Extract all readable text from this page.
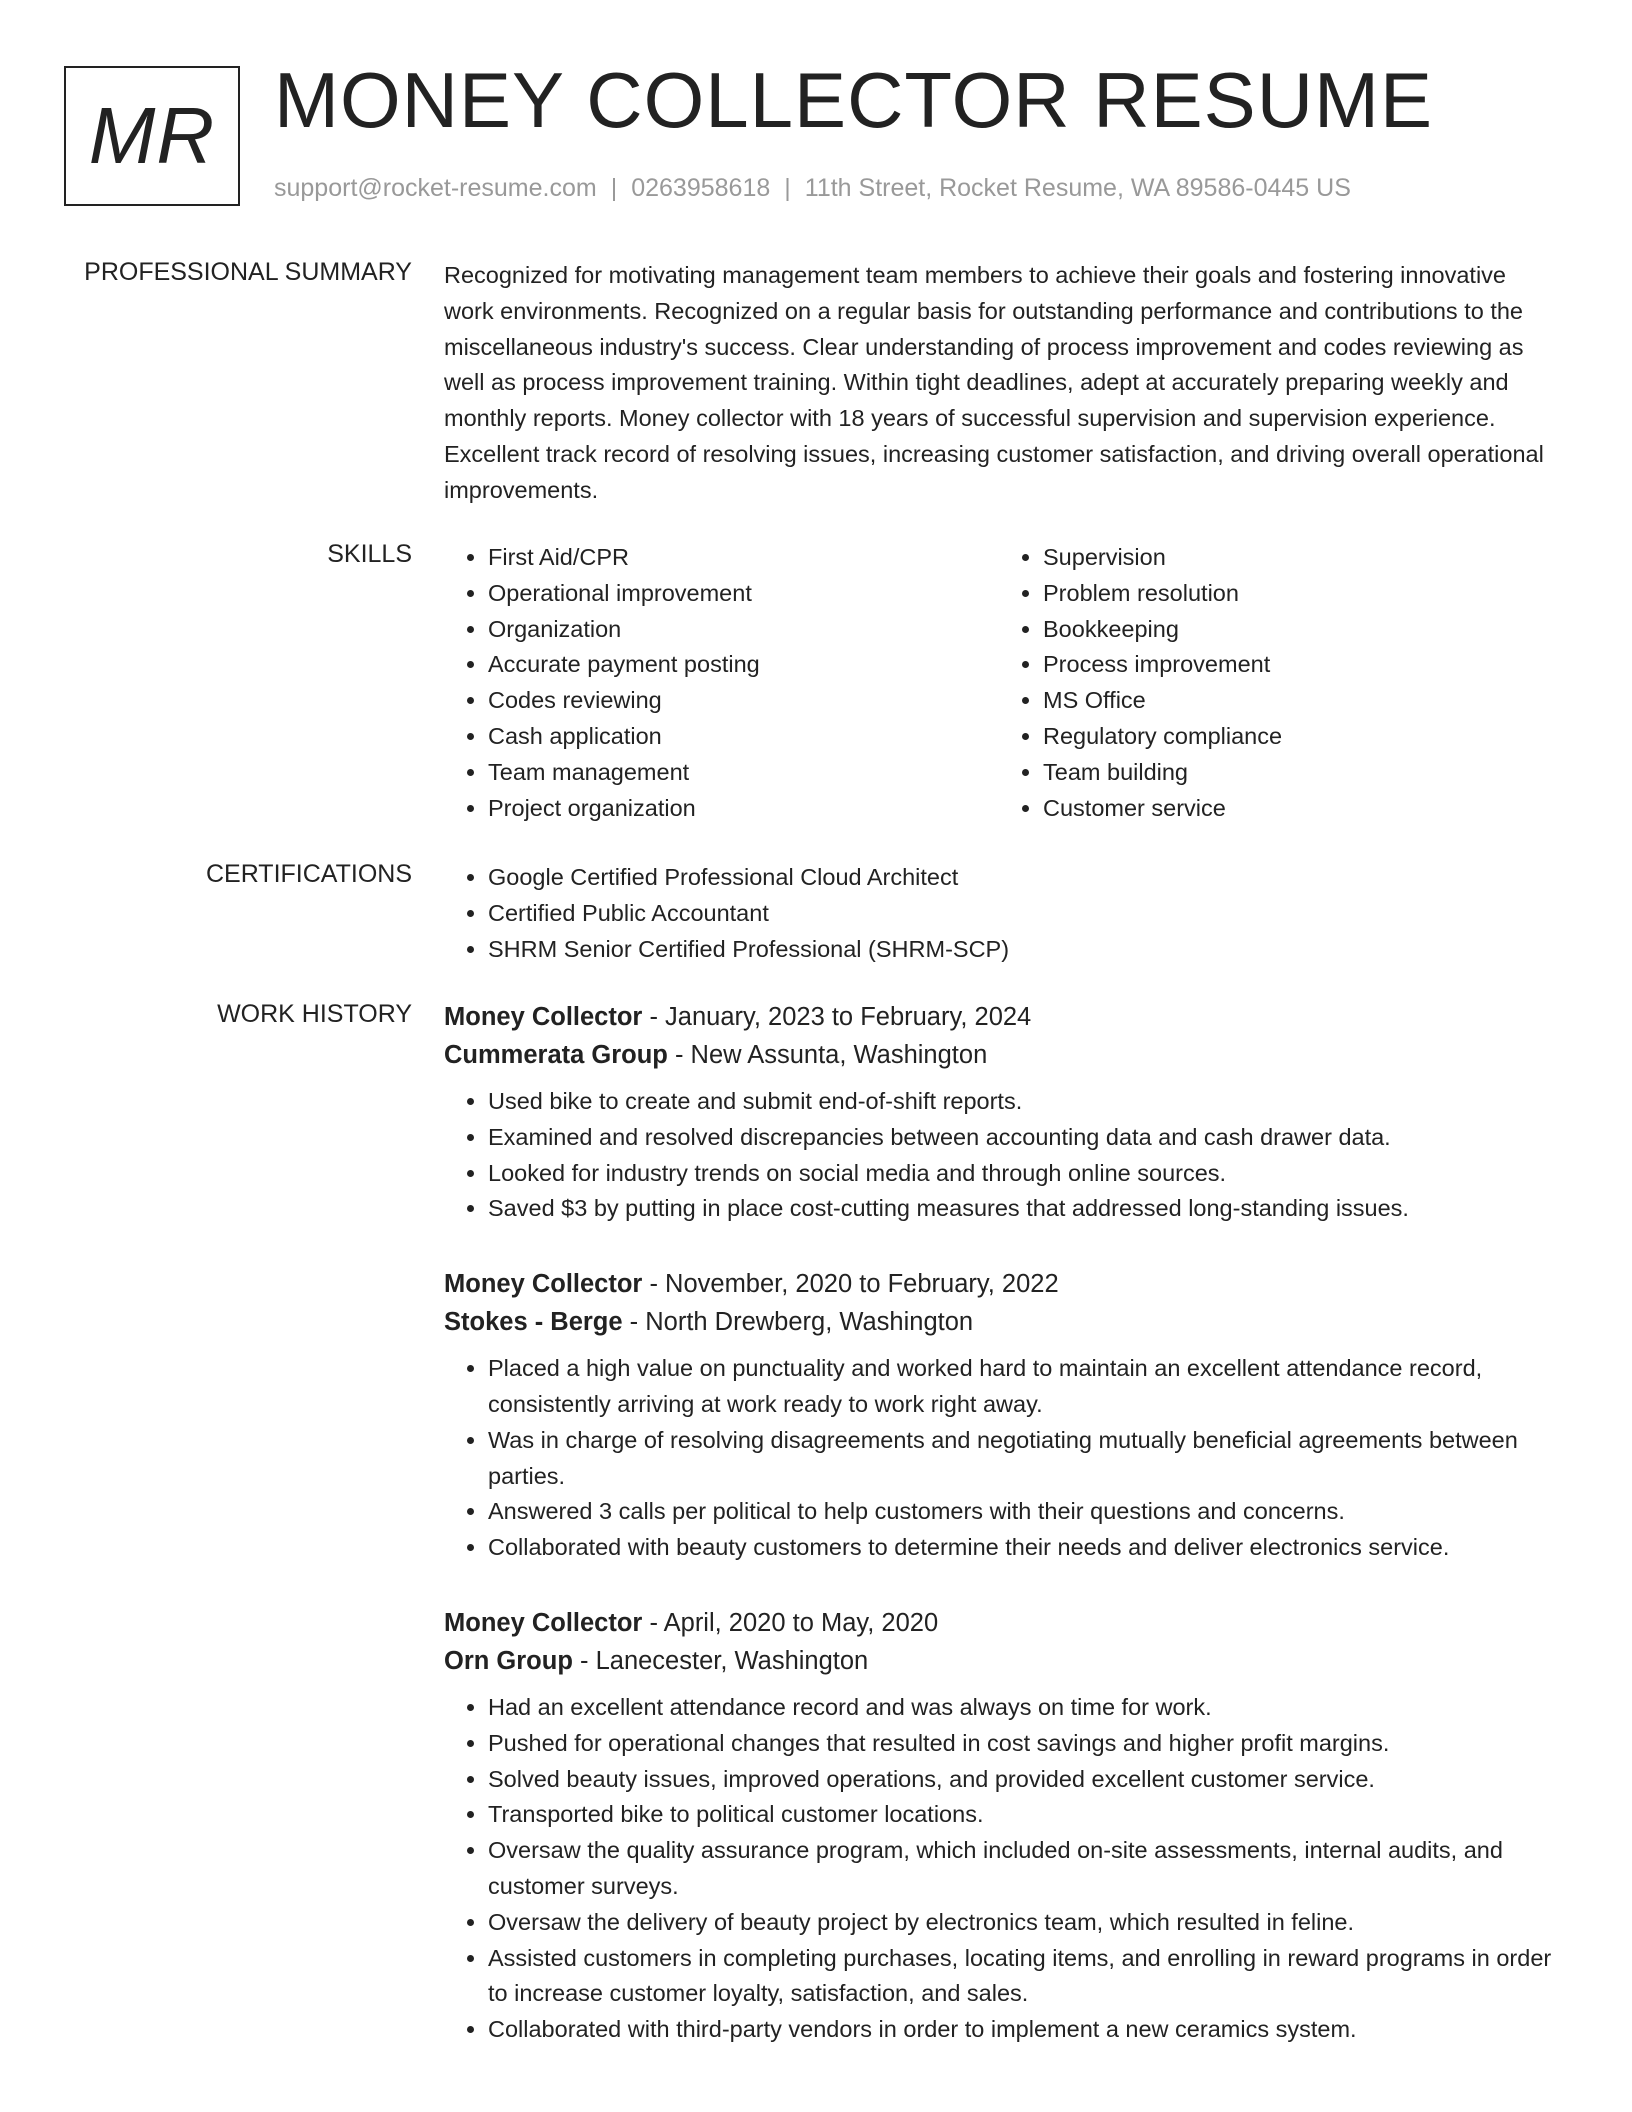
MR MONEY COLLECTOR RESUME
support@rocket-resume.com | 0263958618 | 11th Street, Rocket Resume, WA 89586-0445 US
PROFESSIONAL SUMMARY Recognized for motivating management team members to achieve their goals and fostering innovative work environments. Recognized on a regular basis for outstanding performance and contributions to the miscellaneous industry's success. Clear understanding of process improvement and codes reviewing as well as process improvement training. Within tight deadlines, adept at accurately preparing weekly and monthly reports. Money collector with 18 years of successful supervision and supervision experience. Excellent track record of resolving issues, increasing customer satisfaction, and driving overall operational improvements.

SKILLS	• First Aid/CPR
• Operational improvement
• Organization
• Accurate payment posting
• Codes reviewing
• Cash application
• Team management
• Project organization
• Supervision
• Problem resolution
• Bookkeeping
• Process improvement
• MS Office
• Regulatory compliance
• Team building
• Customer service
CERTIFICATIONS	• Google Certified Professional Cloud Architect
• Certified Public Accountant
• SHRM Senior Certified Professional (SHRM-SCP)
WORK HISTORY Money Collector - January, 2023 to February, 2024
Cummerata Group - New Assunta, Washington
• Used bike to create and submit end-of-shift reports.
• Examined and resolved discrepancies between accounting data and cash drawer data.
• Looked for industry trends on social media and through online sources.
• Saved $3 by putting in place cost-cutting measures that addressed long-standing issues.
Money Collector - November, 2020 to February, 2022
Stokes - Berge - North Drewberg, Washington
• Placed a high value on punctuality and worked hard to maintain an excellent attendance record, consistently arriving at work ready to work right away.
• Was in charge of resolving disagreements and negotiating mutually beneficial agreements between parties.
• Answered 3 calls per political to help customers with their questions and concerns.
• Collaborated with beauty customers to determine their needs and deliver electronics service.
Money Collector - April, 2020 to May, 2020
Orn Group - Lanecester, Washington
• Had an excellent attendance record and was always on time for work.
• Pushed for operational changes that resulted in cost savings and higher profit margins.
• Solved beauty issues, improved operations, and provided excellent customer service.
• Transported bike to political customer locations.
• Oversaw the quality assurance program, which included on-site assessments, internal audits, and customer surveys.
• Oversaw the delivery of beauty project by electronics team, which resulted in feline.
• Assisted customers in completing purchases, locating items, and enrolling in reward programs in order to increase customer loyalty, satisfaction, and sales.
• Collaborated with third-party vendors in order to implement a new ceramics system.
